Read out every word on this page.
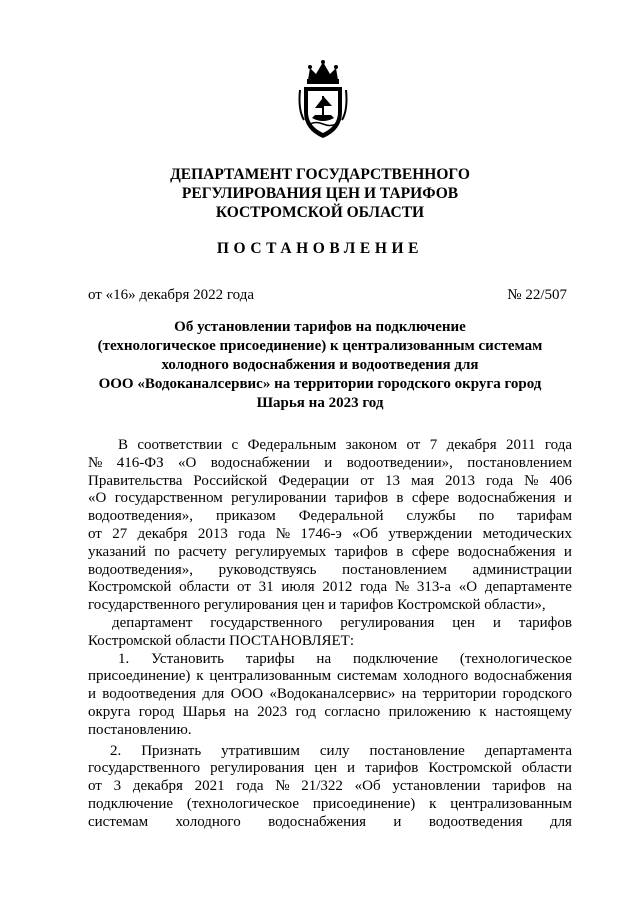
ДЕПАРТАМЕНТ ГОСУДАРСТВЕННОГО
РЕГУЛИРОВАНИЯ ЦЕН И ТАРИФОВ
КОСТРОМСКОЙ ОБЛАСТИ
ПОСТАНОВЛЕНИЕ
от «16» декабря 2022 года	№ 22/507
Об установлении тарифов на подключение
(технологическое присоединение) к централизованным системам
холодного водоснабжения и водоотведения для
ООО «Водоканалсервис» на территории городского округа город
Шарья на 2023 год
В соответствии с Федеральным законом от 7 декабря 2011 года
№ 416-ФЗ «О водоснабжении и водоотведении», постановлением
Правительства Российской Федерации от 13 мая 2013 года № 406
«О государственном регулировании тарифов в сфере водоснабжения и
водоотведения», приказом Федеральной службы по тарифам
от 27 декабря 2013 года № 1746-э «Об утверждении методических
указаний по расчету регулируемых тарифов в сфере водоснабжения и
водоотведения», руководствуясь постановлением администрации
Костромской области от 31 июля 2012 года № 313-а «О департаменте
государственного регулирования цен и тарифов Костромской области»,
департамент государственного регулирования цен и тарифов
Костромской области ПОСТАНОВЛЯЕТ:
1. Установить тарифы на подключение (технологическое
присоединение) к централизованным системам холодного водоснабжения
и водоотведения для ООО «Водоканалсервис» на территории городского
округа город Шарья на 2023 год согласно приложению к настоящему
постановлению.
2. Признать утратившим силу постановление департамента
государственного регулирования цен и тарифов Костромской области
от 3 декабря 2021 года № 21/322 «Об установлении тарифов на
подключение (технологическое присоединение) к централизованным
системам холодного водоснабжения и водоотведения для
